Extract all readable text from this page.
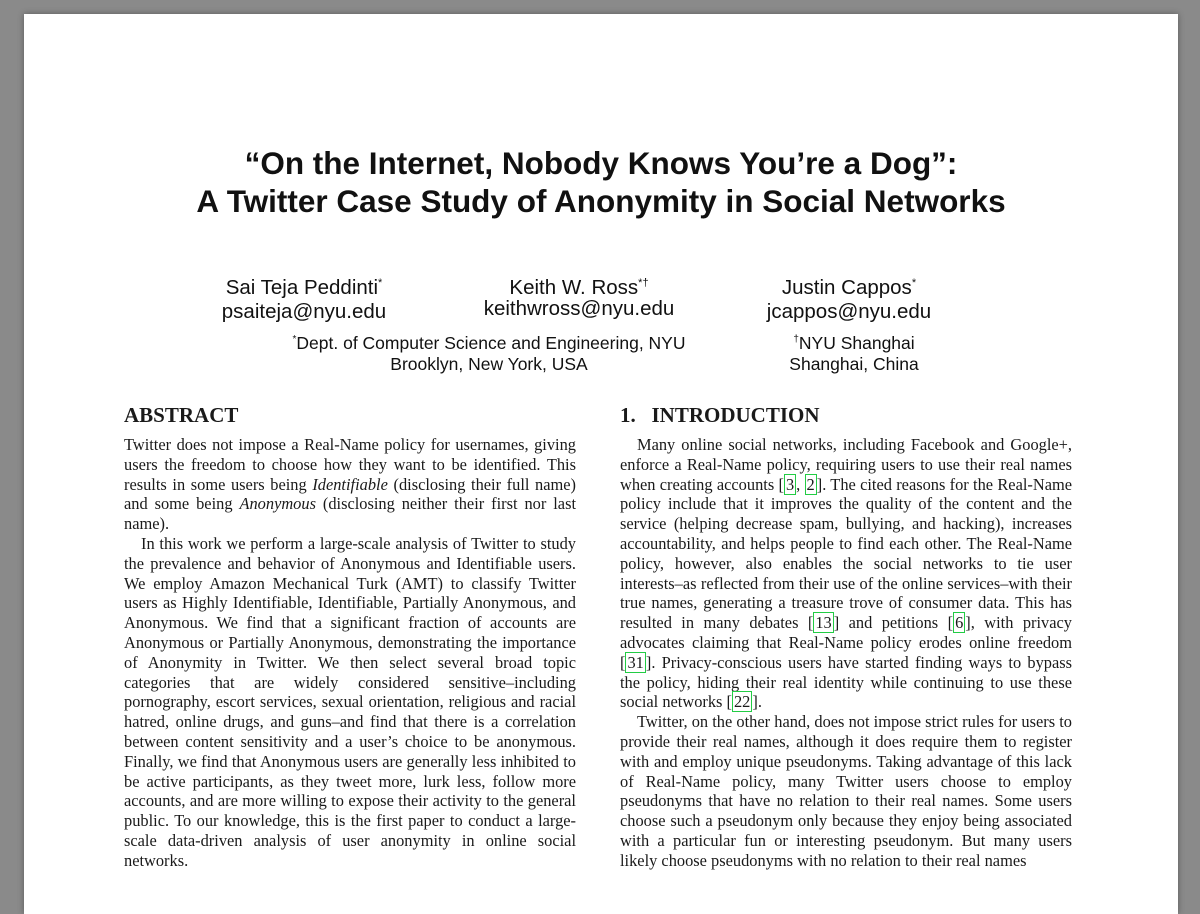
“On the Internet, Nobody Knows You’re a Dog”:
A Twitter Case Study of Anonymity in Social Networks
Sai Teja Peddinti*
psaiteja@nyu.edu
Keith W. Ross*†
keithwross@nyu.edu
Justin Cappos*
jcappos@nyu.edu
*Dept. of Computer Science and Engineering, NYU
Brooklyn, New York, USA
†NYU Shanghai
Shanghai, China
ABSTRACT

Twitter does not impose a Real-Name policy for usernames, giving users the freedom to choose how they want to be identified. This results in some users being Identifiable (disclosing their full name) and some being Anonymous (disclosing neither their first nor last name).

In this work we perform a large-scale analysis of Twitter to study the prevalence and behavior of Anonymous and Identifiable users. We employ Amazon Mechanical Turk (AMT) to classify Twitter users as Highly Identifiable, Identifiable, Partially Anonymous, and Anonymous. We find that a significant fraction of accounts are Anonymous or Partially Anonymous, demonstrating the importance of Anonymity in Twitter. We then select several broad topic categories that are widely considered sensitive–including pornography, escort services, sexual orientation, religious and racial hatred, online drugs, and guns–and find that there is a correlation between content sensitivity and a user’s choice to be anonymous. Finally, we find that Anonymous users are generally less inhibited to be active participants, as they tweet more, lurk less, follow more accounts, and are more willing to expose their activity to the general public. To our knowledge, this is the first paper to conduct a large-scale data-driven analysis of user anonymity in online social networks.

1.   INTRODUCTION

Many online social networks, including Facebook and Google+, enforce a Real-Name policy, requiring users to use their real names when creating accounts [ 3 , 2 ]. The cited reasons for the Real-Name policy include that it improves the quality of the content and the service (helping decrease spam, bullying, and hacking), increases accountability, and helps people to find each other. The Real-Name policy, however, also enables the social networks to tie user interests–as reflected from their use of the online services–with their true names, generating a treasure trove of consumer data. This has resulted in many debates [ 13 ] and petitions [ 6 ], with privacy advocates claiming that Real-Name policy erodes online freedom [ 31 ]. Privacy-conscious users have started finding ways to bypass the policy, hiding their real identity while continuing to use these social networks [ 22 ].

Twitter, on the other hand, does not impose strict rules for users to provide their real names, although it does require them to register with and employ unique pseudonyms. Taking advantage of this lack of Real-Name policy, many Twitter users choose to employ pseudonyms that have no relation to their real names. Some users choose such a pseudonym only because they enjoy being associated with a particular fun or interesting pseudonym. But many users likely choose pseudonyms with no relation to their real names
